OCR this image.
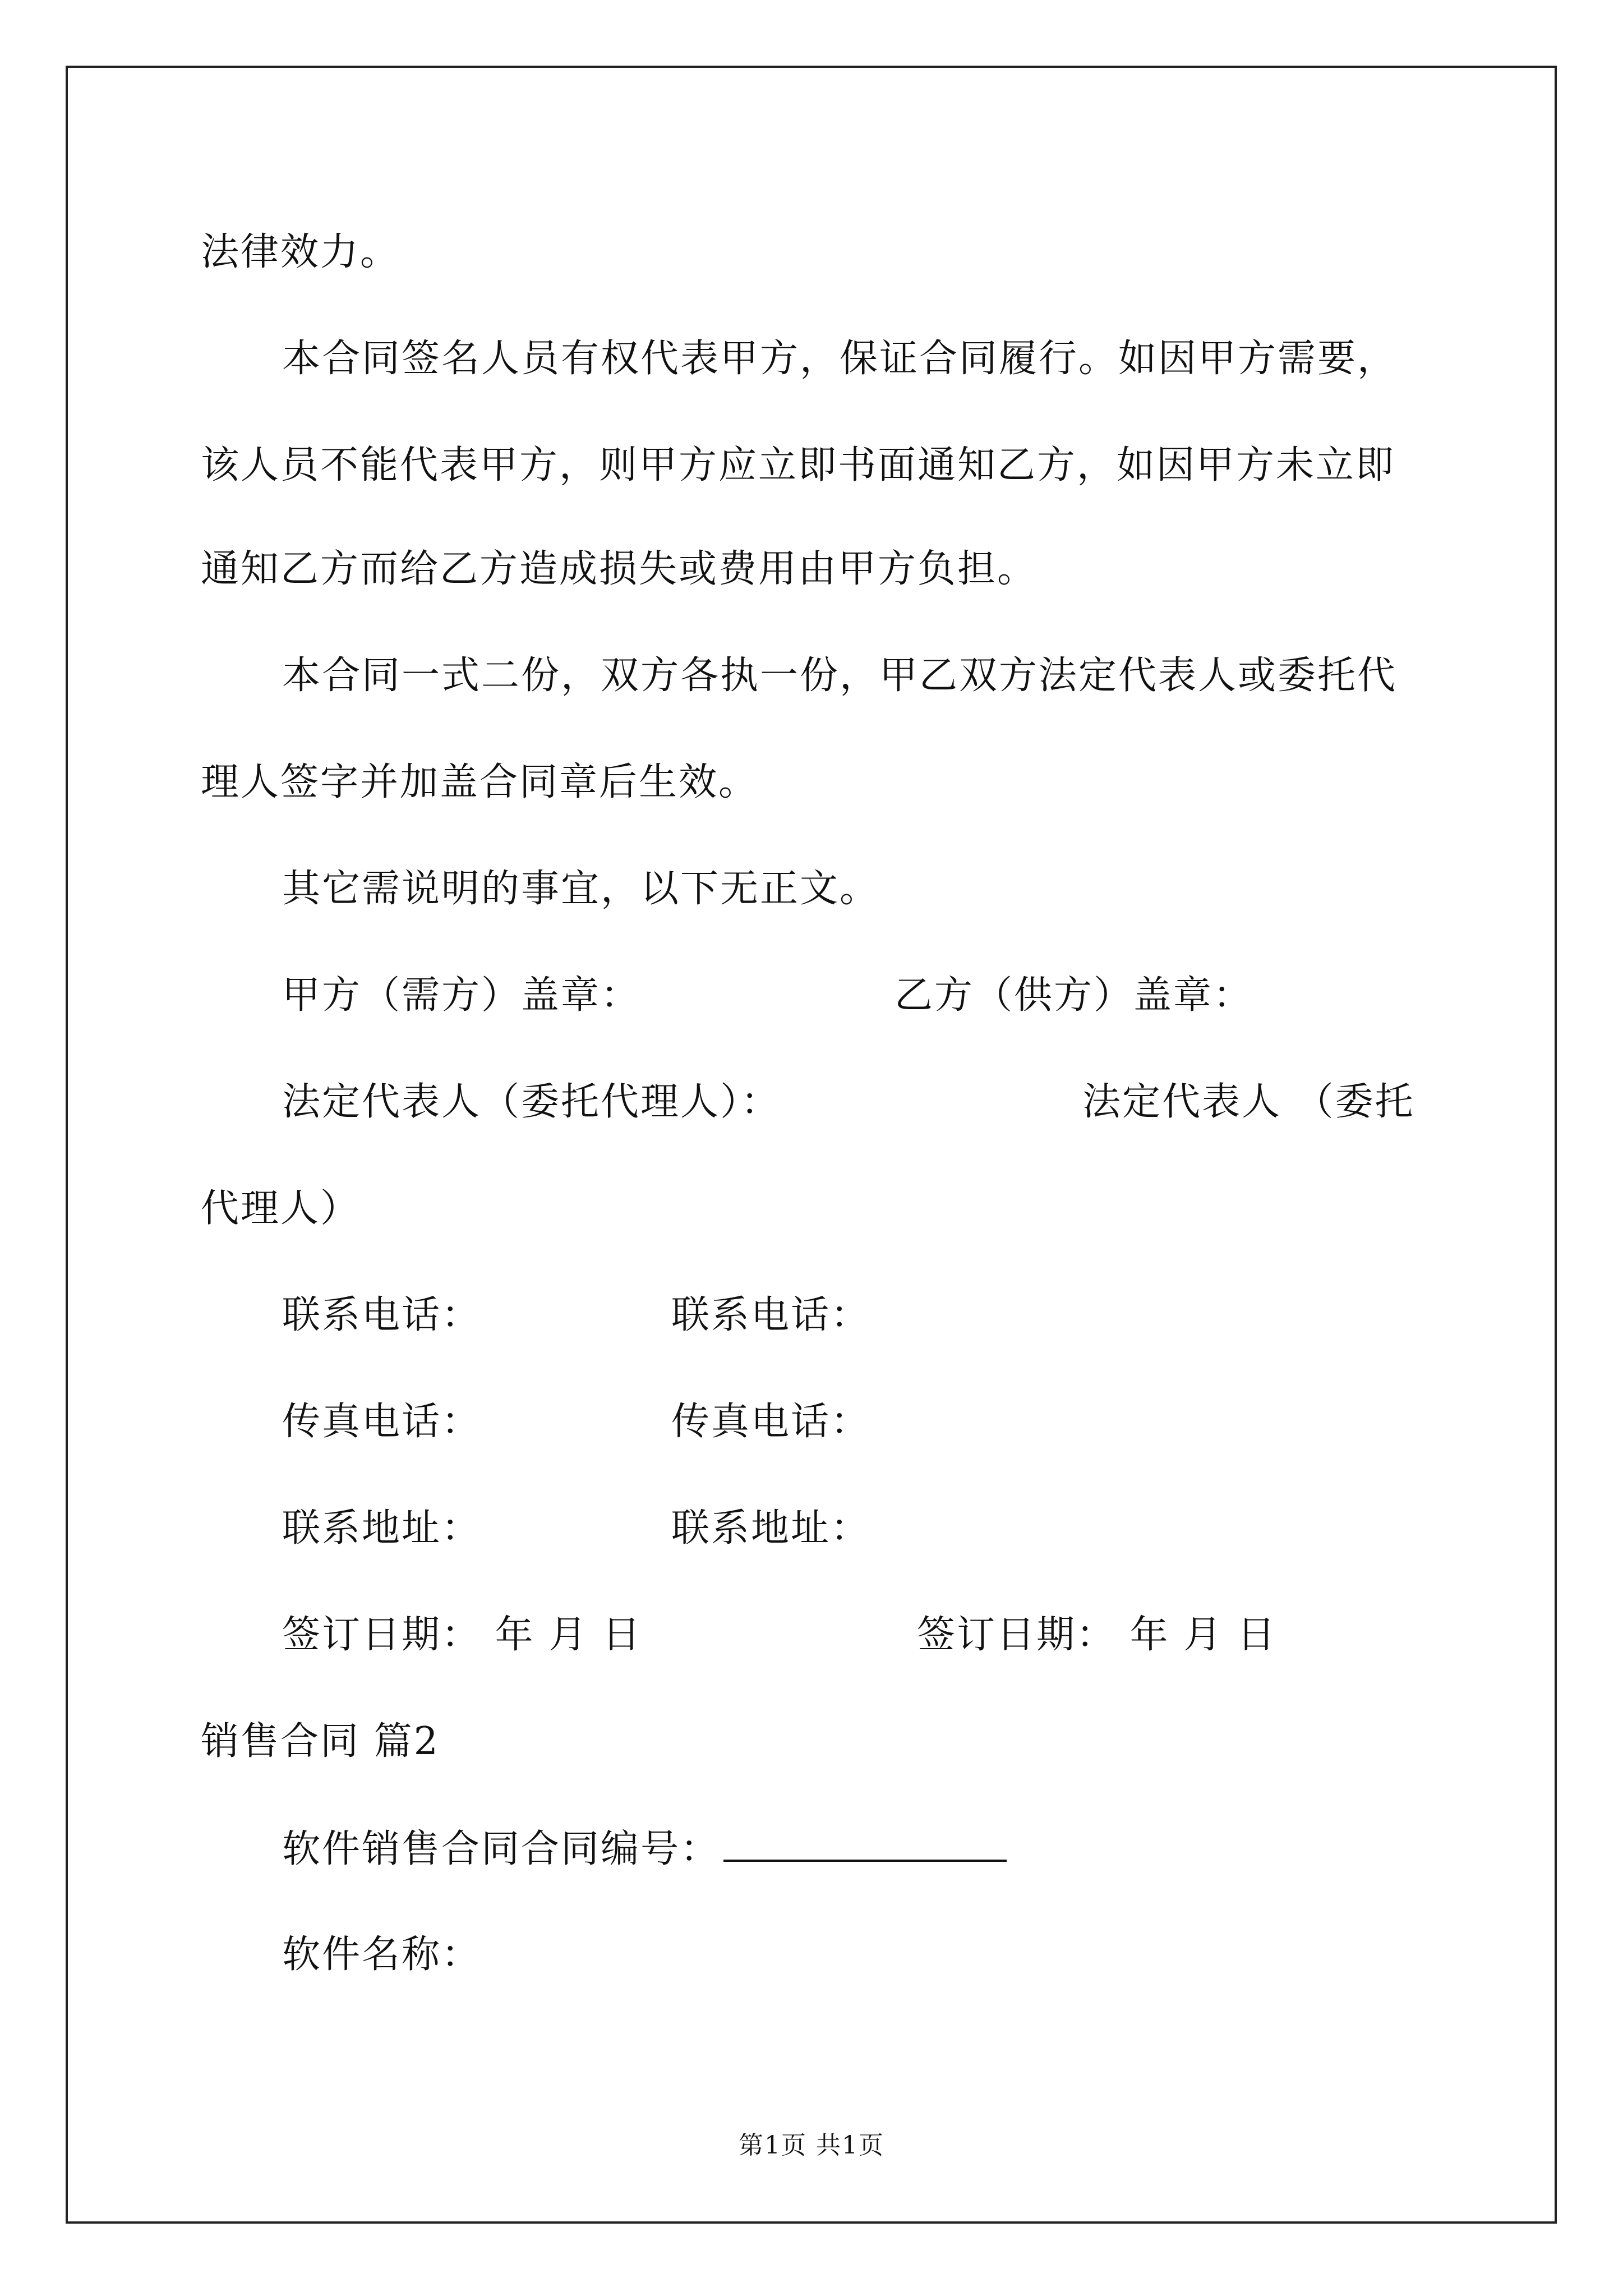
法律效力。
本合同签名人员有权代表甲方，保证合同履行。如因甲方需要，
该人员不能代表甲方，则甲方应立即书面通知乙方，如因甲方未立即
通知乙方而给乙方造成损失或费用由甲方负担。
本合同一式二份，双方各执一份，甲乙双方法定代表人或委托代
理人签字并加盖合同章后生效。
其它需说明的事宜，以下无正文。
甲方（需方）盖章：	乙方（供方）盖章：
法定代表人（委托代理人）：	法定代表人 （委托
代理人）
联系电话：	联系电话：
传真电话：	传真电话：
联系地址：	联系地址：
签订日期： 年 月 日	签订日期： 年 月 日
销售合同 篇2
软件销售合同合同编号：
软件名称：
第1页 共1页
